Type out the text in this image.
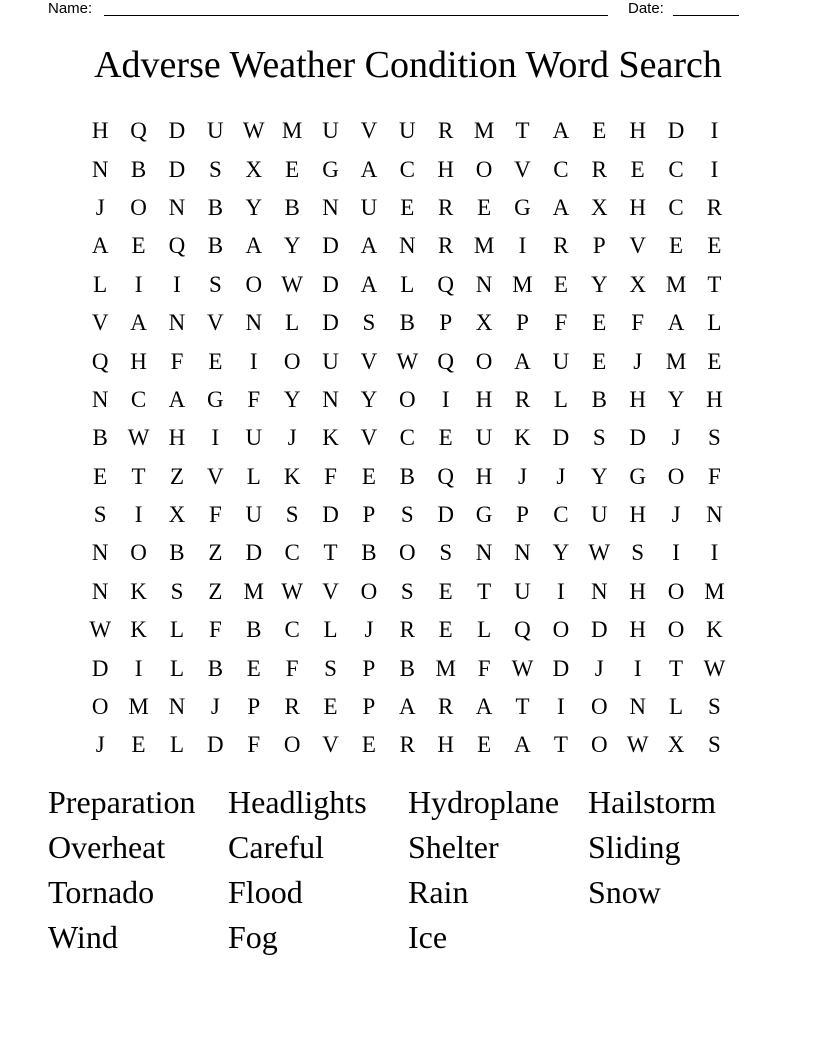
Name:	Date:
Adverse Weather Condition Word Search
H Q D U W M U V U R M T	A	E	H D	I
N B D	S	X	E	G A C H O V C	R	E	C	I
J	O N B Y B N U	E	R	E	G A X H C	R
A	E	Q B A Y D A N R M	I	R	P	V	E	E
L	I	I	S	O W D A	L	Q N M E	Y X M T
V A N V N	L	D	S	B	P	X	P	F	E	F	A	L
Q H	F	E	I	O U V W Q O A U	E	J	M E
N C A G	F	Y N Y O	I	H R	L	B H Y H
B W H	I	U	J	K V C	E	U K D	S	D	J	S
E	T	Z	V	L	K	F	E	B Q H	J	J	Y G O	F
S	I	X	F	U	S	D	P	S	D G	P	C U H	J	N
N O B	Z	D C	T	B O	S	N N Y W S	I	I
N K	S	Z M W V O	S	E	T	U	I	N H O M
W K	L	F	B	C	L	J	R	E	L	Q O D H O K
D	I	L	B	E	F	S	P	B M F W D	J	I	T W
O M N	J	P	R	E	P	A R A	T	I	O N	L	S
J	E	L	D	F	O V	E	R H	E	A	T	O W X	S
Preparation	Headlights	Hydroplane Hailstorm
Overheat	Careful	Shelter	Sliding
Tornado	Flood	Rain	Snow
Wind	Fog	Ice
